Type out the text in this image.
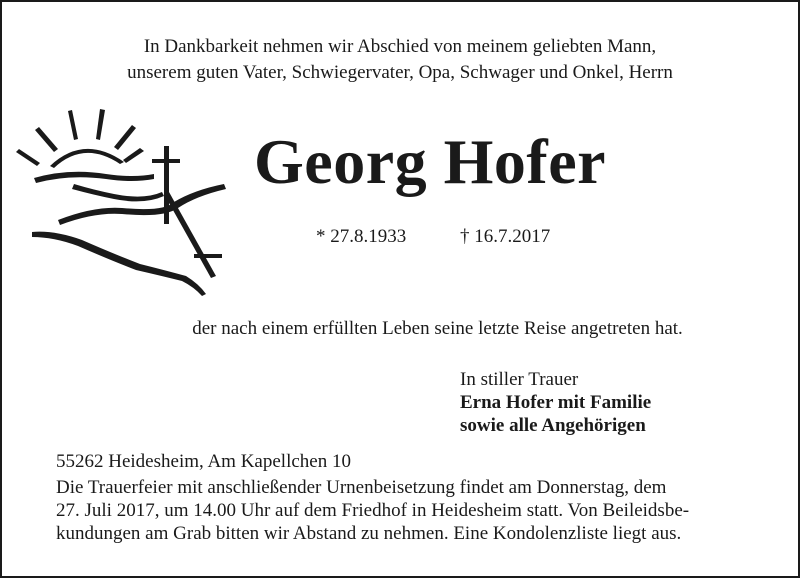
In Dankbarkeit nehmen wir Abschied von meinem geliebten Mann,
unserem guten Vater, Schwiegervater, Opa, Schwager und Onkel, Herrn
Georg Hofer
* 27.8.1933	† 16.7.2017
der nach einem erfüllten Leben seine letzte Reise angetreten hat.
In stiller Trauer
Erna Hofer mit Familie
sowie alle Angehörigen
55262 Heidesheim, Am Kapellchen 10
Die Trauerfeier mit anschließender Urnenbeisetzung findet am Donnerstag, dem
27. Juli 2017, um 14.00 Uhr auf dem Friedhof in Heidesheim statt. Von Beileidsbe-
kundungen am Grab bitten wir Abstand zu nehmen. Eine Kondolenzliste liegt aus.
